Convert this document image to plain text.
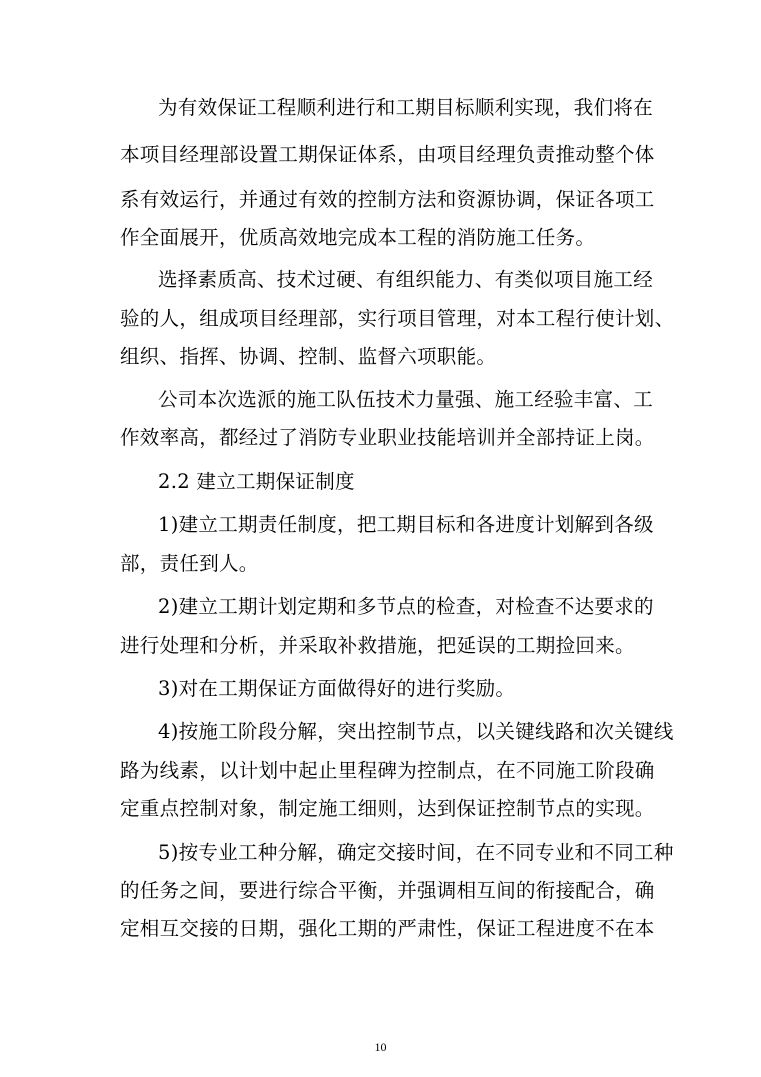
为有效保证工程顺利进行和工期目标顺利实现，我们将在
本项目经理部设置工期保证体系，由项目经理负责推动整个体
系有效运行，并通过有效的控制方法和资源协调，保证各项工
作全面展开，优质高效地完成本工程的消防施工任务。
选择素质高、技术过硬、有组织能力、有类似项目施工经
验的人，组成项目经理部，实行项目管理，对本工程行使计划、
组织、指挥、协调、控制、监督六项职能。
公司本次选派的施工队伍技术力量强、施工经验丰富、工
作效率高，都经过了消防专业职业技能培训并全部持证上岗。
2.2 建立工期保证制度
1)建立工期责任制度，把工期目标和各进度计划解到各级
部，责任到人。
2)建立工期计划定期和多节点的检查，对检查不达要求的
进行处理和分析，并采取补救措施，把延误的工期捡回来。
3)对在工期保证方面做得好的进行奖励。
4)按施工阶段分解，突出控制节点，以关键线路和次关键线
路为线素，以计划中起止里程碑为控制点，在不同施工阶段确
定重点控制对象，制定施工细则，达到保证控制节点的实现。
5)按专业工种分解，确定交接时间，在不同专业和不同工种
的任务之间，要进行综合平衡，并强调相互间的衔接配合，确
定相互交接的日期，强化工期的严肃性，保证工程进度不在本
10
